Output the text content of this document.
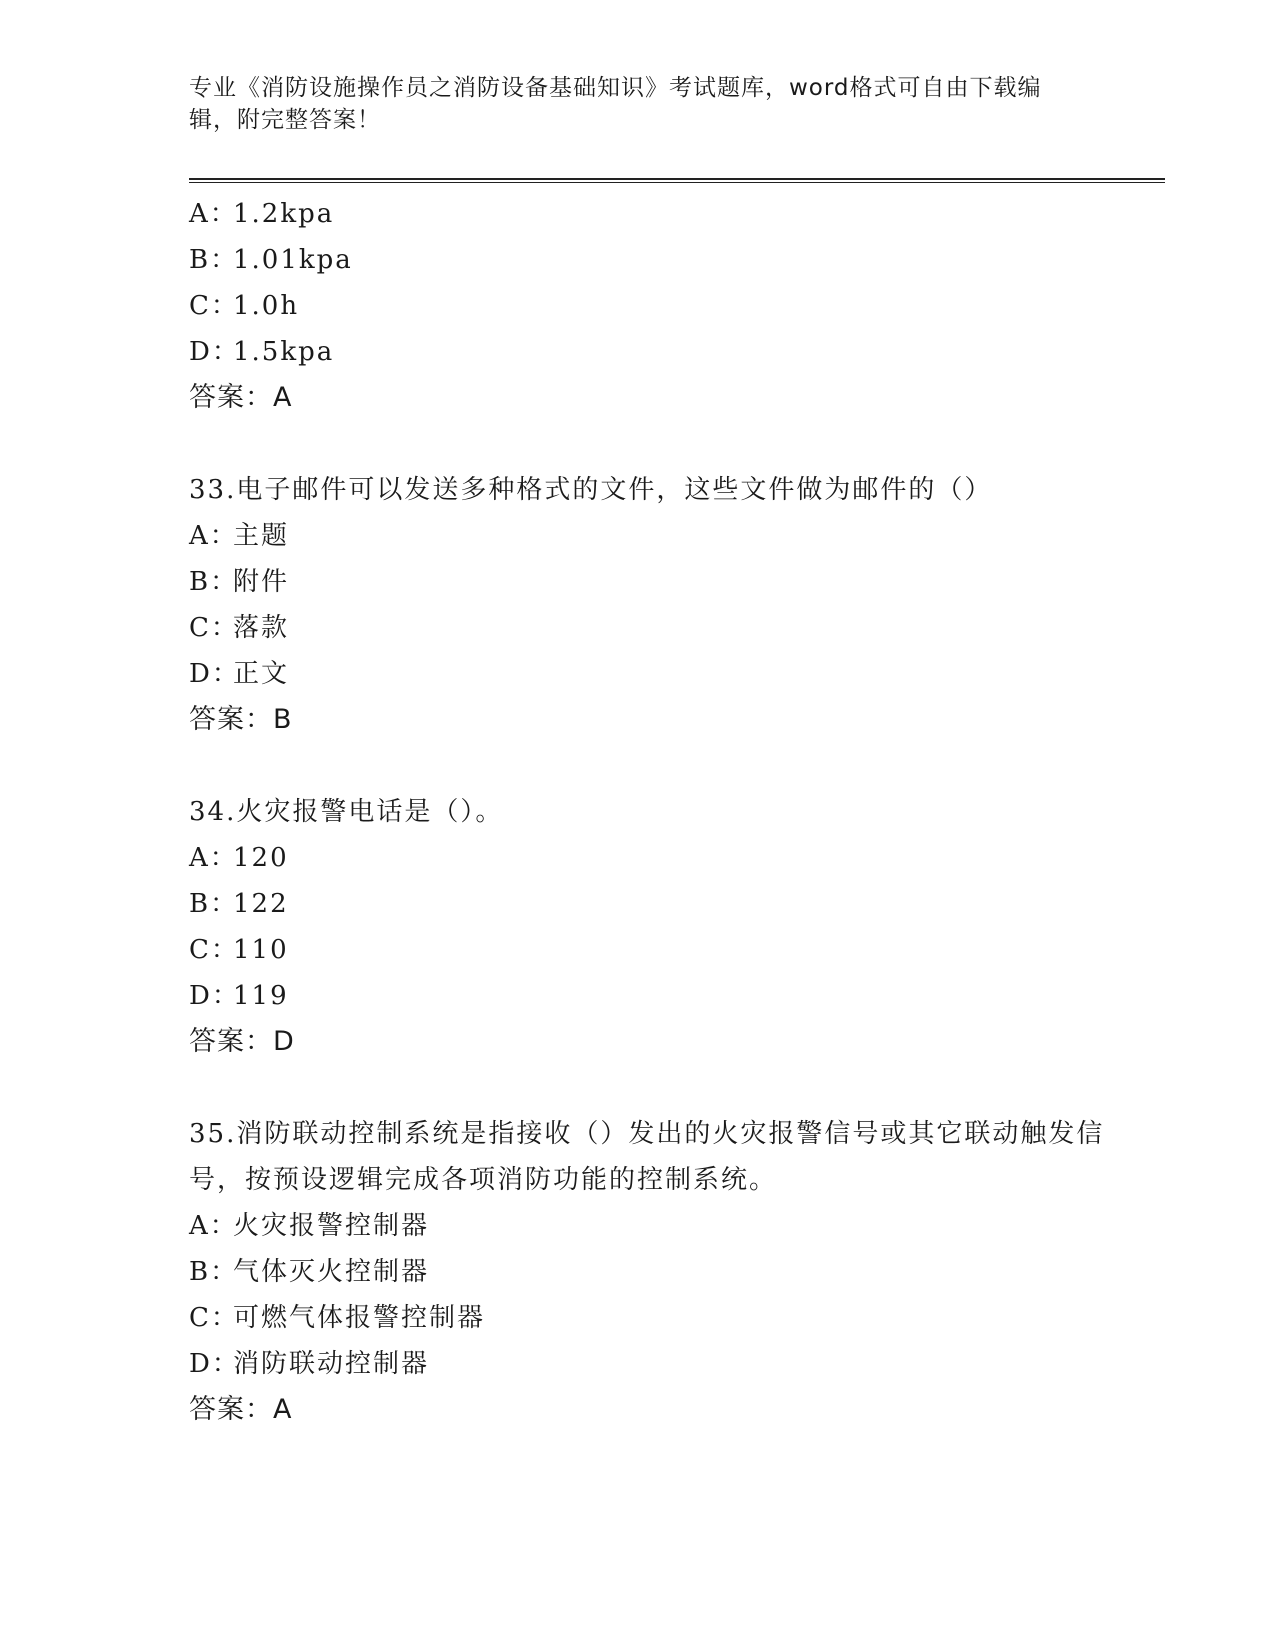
专业《消防设施操作员之消防设备基础知识》考试题库，word格式可自由下载编辑，附完整答案！
A：1.2kpa
B：1.01kpa
C：1.0h
D：1.5kpa
答案：A
33.电子邮件可以发送多种格式的文件，这些文件做为邮件的（）
A：主题
B：附件
C：落款
D：正文
答案：B
34.火灾报警电话是（）。
A：120
B：122
C：110
D：119
答案：D
35.消防联动控制系统是指接收（）发出的火灾报警信号或其它联动触发信号，按预设逻辑完成各项消防功能的控制系统。
A：火灾报警控制器
B：气体灭火控制器
C：可燃气体报警控制器
D：消防联动控制器
答案：A
